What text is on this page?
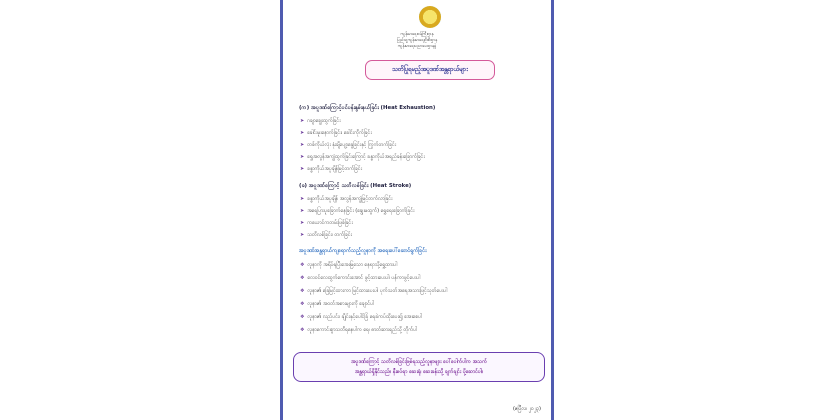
ကျန်းမာရေးဝန်ကြီးဌာန
ပြည်သူ့ကျန်းမာရေးဦးစီးဌာန
ကျန်းမာရေးပညာပေးဌာနခွဲ
သတိပြုရမည့်အပူဒဏ်အန္တရာယ်များ
(က) အပူဒဏ်ကြောင့်ပင်ပန်းနွမ်းနယ်ခြင်း (Heat Exhaustion)
➤ ဂချာချွေးထွက်ခြင်း
➤ ခေါင်းမူးနောက်ခြင်း၊ ခေါင်းကိုက်ခြင်း
➤ တစ်ကိုယ်လုံး နုံးချိပျော့ခွေခြင်းနှင့် ကြွက်တက်ခြင်း
➤ ရွှေအလွန်အကျွံထွက်ခြင်းကြောင့် ခန္ဓာကိုယ်အရည်ခန်းခြောက်ခြင်း
➤ ခန္ဓာကိုယ်အပူချိန်မြင့်တက်ခြင်း
(ခ) အပူဒဏ်ကြောင့် သတိလစ်ခြင်း (Heat Stroke)
➤ ခန္ဓာကိုယ်အပူချိန် အလွန်အကျွံမြင့်တက်လာခြင်း
➤ အရေပြားပူခြောက်နေခြင်း (ချွေးမထွက်) ရွှေရေးခြောက်ခြင်း
➤ ကယောင်ကတမ်းဖြစ်ခြင်း
➤ သတိလစ်ခြင်း၊ တက်ခြင်း
အပူဒဏ်အန္တရာယ်ကျရောက်သည့်လူနာကို အရေးပေါ်ဆောင်ရွက်ခြင်း
❖ လူနာကို အရိပ်ရပြီးအေးမြသော နေရာသို့ရွှေ့ထားပါ
❖ လေဝင်လေထွက်ကောင်းအောင် ဖွင့်ထားပေးပါ၊ ပန်ကာဖွင့်ပေးပါ
❖ လူနာ၏ ခြေမြင့်ထားကာ မြင့်ထားပေးပါ၊ ပုက်သတ်အရေအသားဖြင့်သုတ်ပေးပါ
❖ လူနာ၏ အဝတ်အစားများကို ချောင်ပါ
❖ လူနာ၏ လည်ပင်း၊ ချိုင်းနှင့်ပေါင်ခြံ ရေခဲကပ်ထိုးပေး၍ အေးစေပါ
❖ လူနာကောင်းစွာသတိရနေပါက ရေ၊ ဓာတ်ဆားရည်သို့ တိုက်ပါ
အပူဒဏ်ကြောင့် သတိလစ်ခြင်းဖြစ်ရသည့်လူနာများ ပေါ်ပေါက်ပါက အသက်
အန္တရာယ်ရှိနိုင်သည်။ နီးစပ်ရာ ဆေးရုံ၊ ဆေးခန်းသို့ ချက်ချင်း ပို့ဆောင်ပါ။
(ဧပြီလ၊ ၂၀၂၃)
